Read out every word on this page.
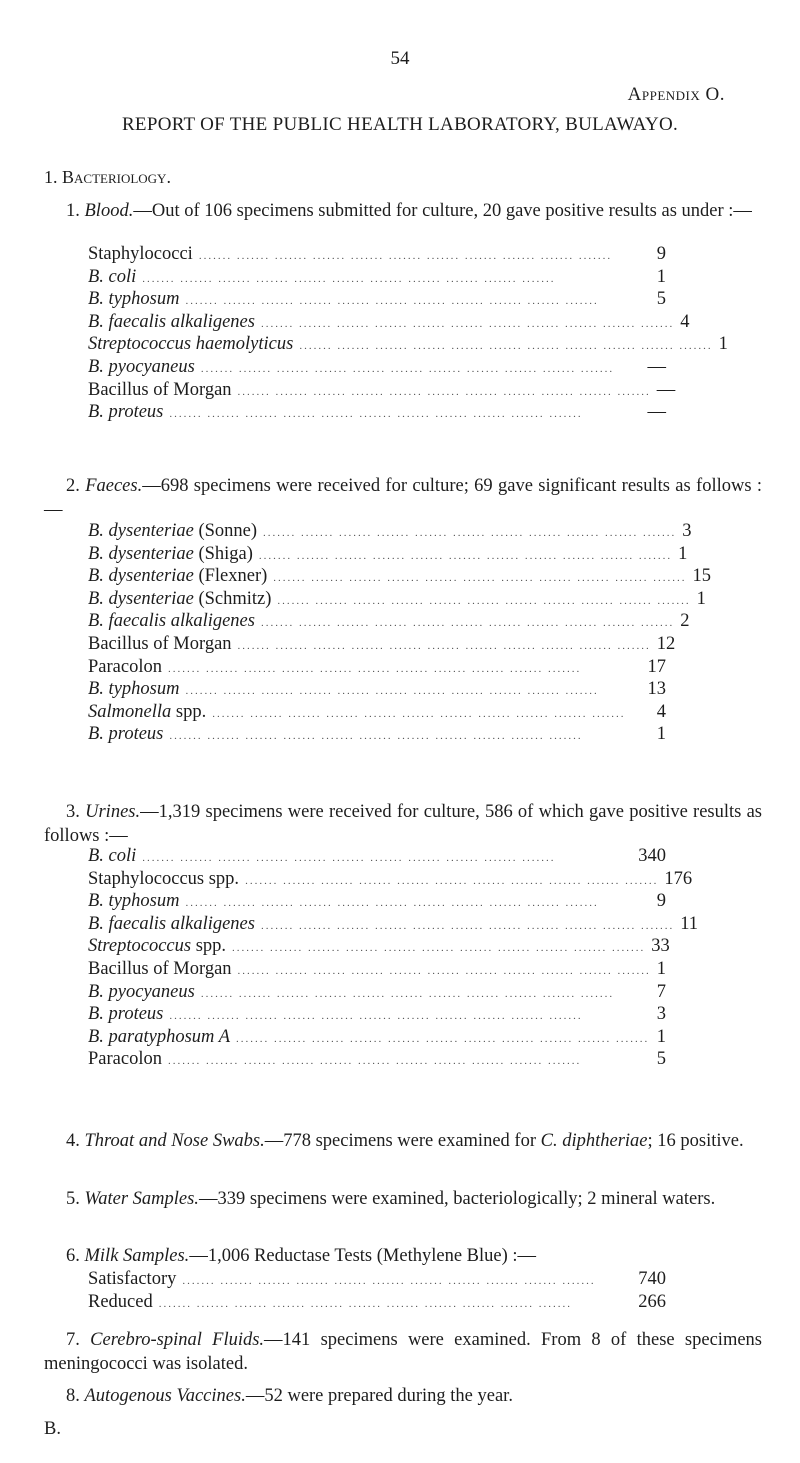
54
Appendix O.
REPORT OF THE PUBLIC HEALTH LABORATORY, BULAWAYO.
1. Bacteriology.
1. Blood.—Out of 106 specimens submitted for culture, 20 gave positive results as under :—
Staphylococci ....... ....... ....... ....... ....... ....... ....... ....... ....... ....... .......	9
B. coli ....... ....... ....... ....... ....... ....... ....... ....... ....... ....... .......	1
B. typhosum ....... ....... ....... ....... ....... ....... ....... ....... ....... ....... .......	5
B. faecalis alkaligenes ....... ....... ....... ....... ....... ....... ....... ....... ....... ....... ....... 4
Streptococcus haemolyticus ....... ....... ....... ....... ....... ....... ....... ....... ....... ....... ....... 1
B. pyocyaneus ....... ....... ....... ....... ....... ....... ....... ....... ....... ....... .......	—
Bacillus of Morgan ....... ....... ....... ....... ....... ....... ....... ....... ....... ....... ....... —
B. proteus ....... ....... ....... ....... ....... ....... ....... ....... ....... ....... .......	—
2. Faeces.—698 specimens were received for culture; 69 gave significant results as follows :—
B. dysenteriae (Sonne) ....... ....... ....... ....... ....... ....... ....... ....... ....... ....... ....... 3
B. dysenteriae (Shiga) ....... ....... ....... ....... ....... ....... ....... ....... ....... ....... ....... 1
B. dysenteriae (Flexner) ....... ....... ....... ....... ....... ....... ....... ....... ....... ....... ....... 15
B. dysenteriae (Schmitz) ....... ....... ....... ....... ....... ....... ....... ....... ....... ....... ....... 1
B. faecalis alkaligenes ....... ....... ....... ....... ....... ....... ....... ....... ....... ....... ....... 2
Bacillus of Morgan ....... ....... ....... ....... ....... ....... ....... ....... ....... ....... ....... 12
Paracolon ....... ....... ....... ....... ....... ....... ....... ....... ....... ....... .......	17
B. typhosum ....... ....... ....... ....... ....... ....... ....... ....... ....... ....... .......	13
Salmonella spp. ....... ....... ....... ....... ....... ....... ....... ....... ....... ....... .......	4
B. proteus ....... ....... ....... ....... ....... ....... ....... ....... ....... ....... .......	1
3. Urines.—1,319 specimens were received for culture, 586 of which gave positive results as follows :—
B. coli ....... ....... ....... ....... ....... ....... ....... ....... ....... ....... .......	340
Staphylococcus spp. ....... ....... ....... ....... ....... ....... ....... ....... ....... ....... ....... 176
B. typhosum ....... ....... ....... ....... ....... ....... ....... ....... ....... ....... .......	9
B. faecalis alkaligenes ....... ....... ....... ....... ....... ....... ....... ....... ....... ....... ....... 11
Streptococcus spp. ....... ....... ....... ....... ....... ....... ....... ....... ....... ....... ....... 33
Bacillus of Morgan ....... ....... ....... ....... ....... ....... ....... ....... ....... ....... ....... 1
B. pyocyaneus ....... ....... ....... ....... ....... ....... ....... ....... ....... ....... .......	7
B. proteus ....... ....... ....... ....... ....... ....... ....... ....... ....... ....... .......	3
B. paratyphosum A ....... ....... ....... ....... ....... ....... ....... ....... ....... ....... ....... 1
Paracolon ....... ....... ....... ....... ....... ....... ....... ....... ....... ....... .......	5
4. Throat and Nose Swabs.—778 specimens were examined for C. diphtheriae; 16 positive.
5. Water Samples.—339 specimens were examined, bacteriologically; 2 mineral waters.
6. Milk Samples.—1,006 Reductase Tests (Methylene Blue) :—
Satisfactory ....... ....... ....... ....... ....... ....... ....... ....... ....... ....... .......	740
Reduced ....... ....... ....... ....... ....... ....... ....... ....... ....... ....... .......	266
7. Cerebro-spinal Fluids.—141 specimens were examined. From 8 of these specimens meningococci was isolated.
8. Autogenous Vaccines.—52 were prepared during the year.
B.
